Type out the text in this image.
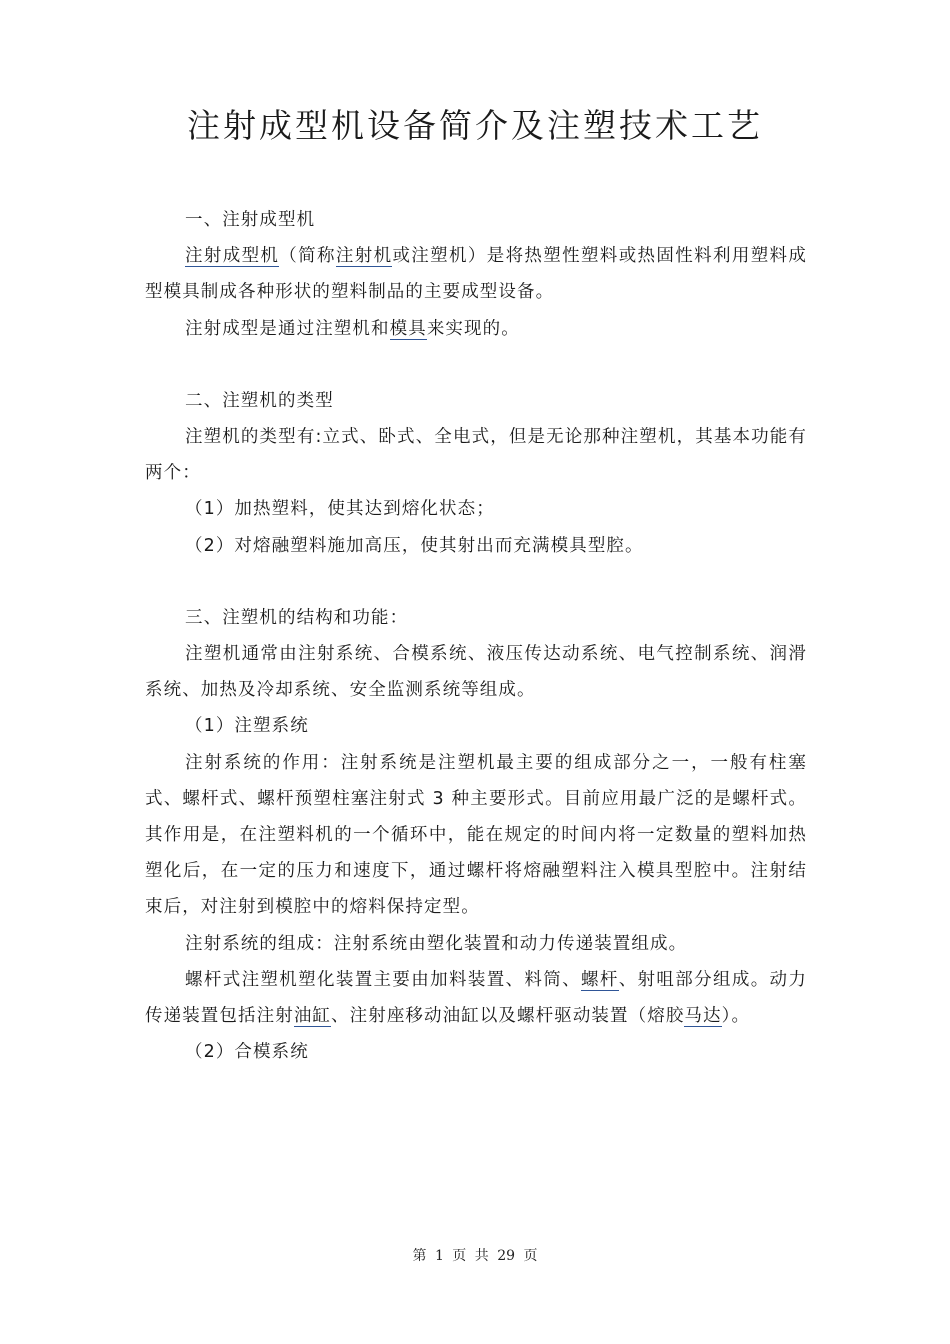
注射成型机设备简介及注塑技术工艺
一、注射成型机
注射成型机（简称注射机或注塑机）是将热塑性塑料或热固性料利用塑料成型模具制成各种形状的塑料制品的主要成型设备。
注射成型是通过注塑机和模具来实现的。
二、注塑机的类型
注塑机的类型有:立式、卧式、全电式，但是无论那种注塑机，其基本功能有两个：
（1）加热塑料，使其达到熔化状态；
（2）对熔融塑料施加高压，使其射出而充满模具型腔。
三、注塑机的结构和功能：
注塑机通常由注射系统、合模系统、液压传达动系统、电气控制系统、润滑系统、加热及冷却系统、安全监测系统等组成。
（1）注塑系统
注射系统的作用：注射系统是注塑机最主要的组成部分之一，一般有柱塞式、螺杆式、螺杆预塑柱塞注射式 3 种主要形式。目前应用最广泛的是螺杆式。其作用是，在注塑料机的一个循环中，能在规定的时间内将一定数量的塑料加热塑化后，在一定的压力和速度下，通过螺杆将熔融塑料注入模具型腔中。注射结束后，对注射到模腔中的熔料保持定型。
注射系统的组成：注射系统由塑化装置和动力传递装置组成。
螺杆式注塑机塑化装置主要由加料装置、料筒、螺杆、射咀部分组成。动力传递装置包括注射油缸、注射座移动油缸以及螺杆驱动装置（熔胶马达）。
（2）合模系统
第 1 页 共 29 页
